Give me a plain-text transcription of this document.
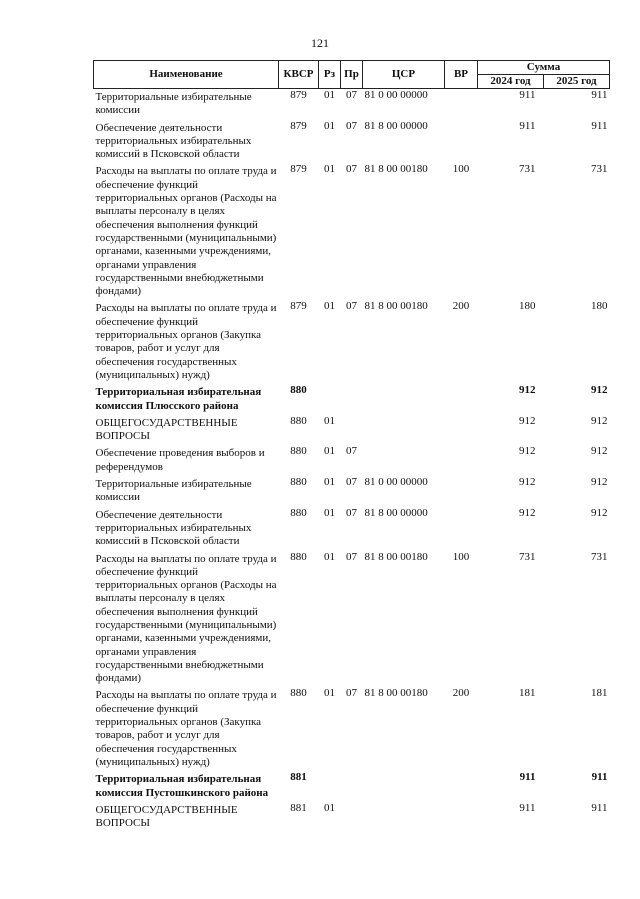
121
Наименование	КВСР	Рз	Пр	ЦСР	ВР	Сумма	
						2024 год	2025 год
Территориальные избирательные комиссии	879	01	07	81 0 00 00000		911	911
Обеспечение деятельности территориальных избирательных комиссий в Псковской области	879	01	07	81 8 00 00000		911	911
Расходы на выплаты по оплате труда и обеспечение функций территориальных органов (Расходы на выплаты персоналу в целях обеспечения выполнения функций государственными (муниципальными) органами, казенными учреждениями, органами управления государственными внебюджетными фондами)	879	01	07	81 8 00 00180	100	731	731
Расходы на выплаты по оплате труда и обеспечение функций территориальных органов (Закупка товаров, работ и услуг для обеспечения государственных (муниципальных) нужд)	879	01	07	81 8 00 00180	200	180	180
Территориальная избирательная комиссия Плюсского района	880					912	912
ОБЩЕГОСУДАРСТВЕННЫЕ ВОПРОСЫ	880	01				912	912
Обеспечение проведения выборов и референдумов	880	01	07			912	912
Территориальные избирательные комиссии	880	01	07	81 0 00 00000		912	912
Обеспечение деятельности территориальных избирательных комиссий в Псковской области	880	01	07	81 8 00 00000		912	912
Расходы на выплаты по оплате труда и обеспечение функций территориальных органов (Расходы на выплаты персоналу в целях обеспечения выполнения функций государственными (муниципальными) органами, казенными учреждениями, органами управления государственными внебюджетными фондами)	880	01	07	81 8 00 00180	100	731	731
Расходы на выплаты по оплате труда и обеспечение функций территориальных органов (Закупка товаров, работ и услуг для обеспечения государственных (муниципальных) нужд)	880	01	07	81 8 00 00180	200	181	181
Территориальная избирательная комиссия Пустошкинского района	881					911	911
ОБЩЕГОСУДАРСТВЕННЫЕ ВОПРОСЫ	881	01				911	911
